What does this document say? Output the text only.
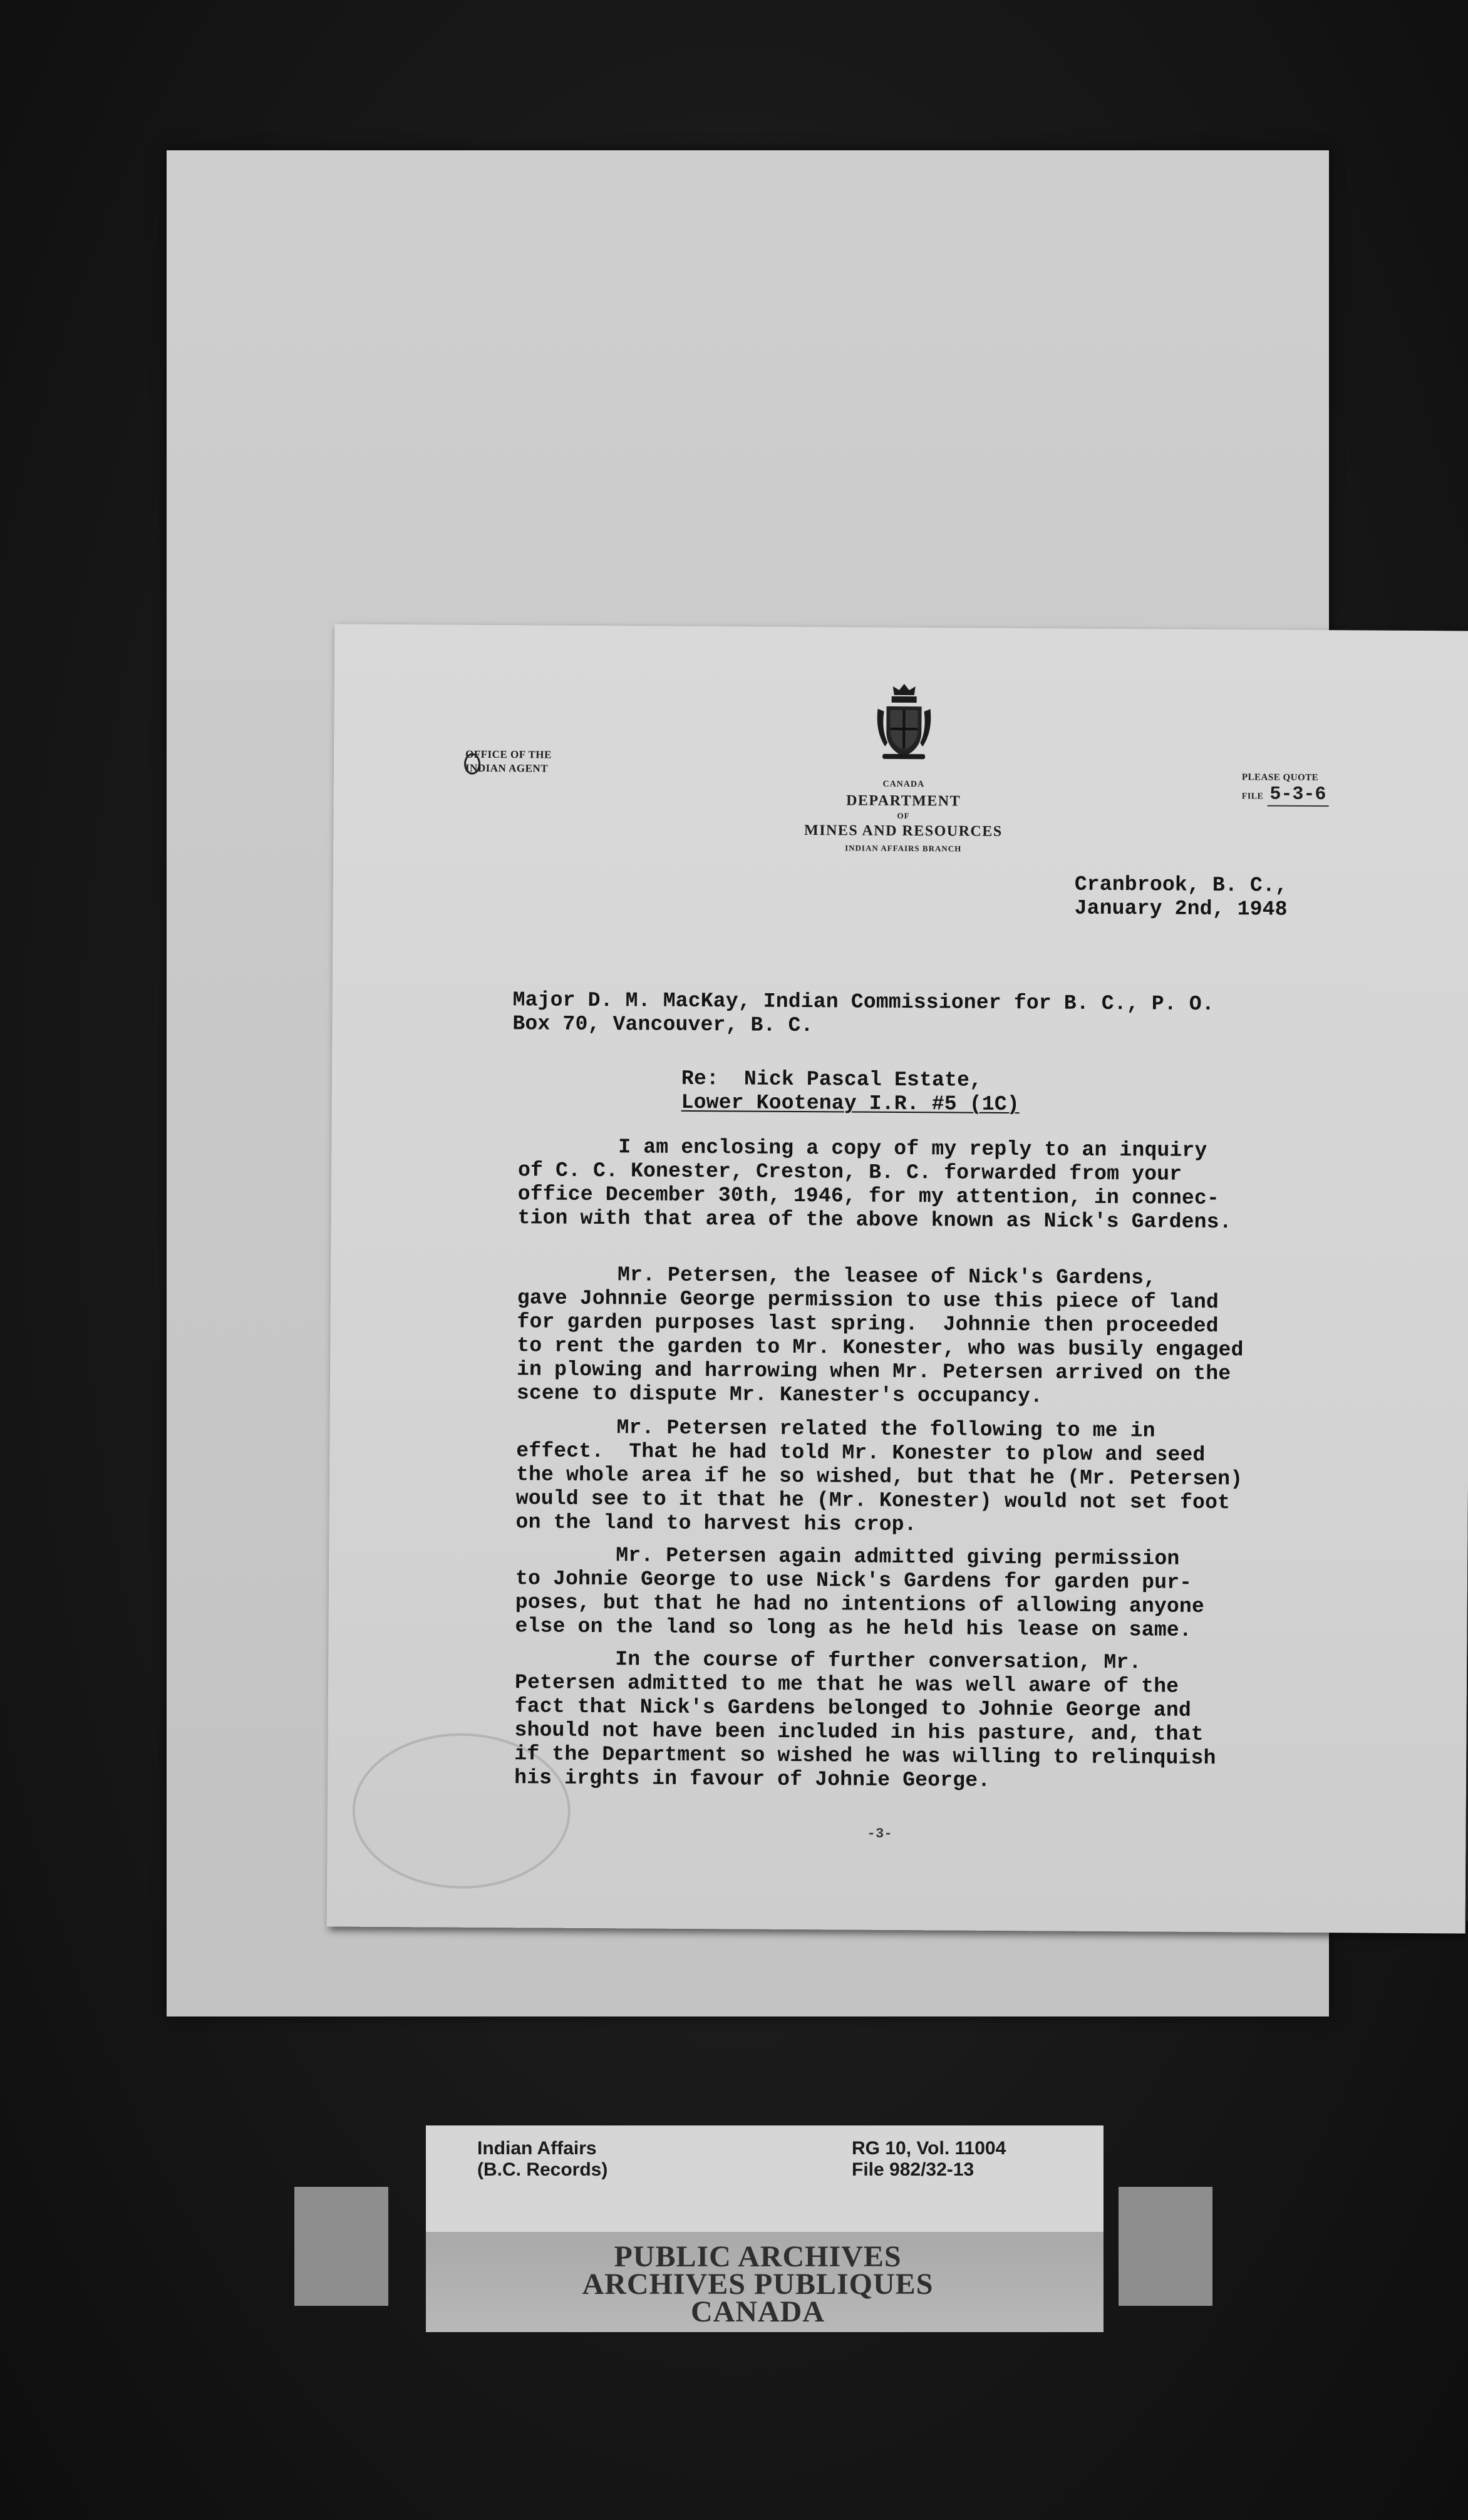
OFFICE OF THE
INDIAN AGENT
CANADA
DEPARTMENT
OF
MINES AND RESOURCES
INDIAN AFFAIRS BRANCH
PLEASE QUOTE
FILE 5-3-6
Cranbrook, B. C.,
January 2nd, 1948
Major D. M. MacKay, Indian Commissioner for B. C., P. O.
Box 70, Vancouver, B. C.
Re:  Nick Pascal Estate,
Lower Kootenay I.R. #5 (1C)
I am enclosing a copy of my reply to an inquiry
of C. C. Konester, Creston, B. C. forwarded from your
office December 30th, 1946, for my attention, in connec-
tion with that area of the above known as Nick's Gardens.
Mr. Petersen, the leasee of Nick's Gardens,
gave Johnnie George permission to use this piece of land
for garden purposes last spring.  Johnnie then proceeded
to rent the garden to Mr. Konester, who was busily engaged
in plowing and harrowing when Mr. Petersen arrived on the
scene to dispute Mr. Kanester's occupancy.
Mr. Petersen related the following to me in
effect.  That he had told Mr. Konester to plow and seed
the whole area if he so wished, but that he (Mr. Petersen)
would see to it that he (Mr. Konester) would not set foot
on the land to harvest his crop.
Mr. Petersen again admitted giving permission
to Johnie George to use Nick's Gardens for garden pur-
poses, but that he had no intentions of allowing anyone
else on the land so long as he held his lease on same.
In the course of further conversation, Mr.
Petersen admitted to me that he was well aware of the
fact that Nick's Gardens belonged to Johnie George and
should not have been included in his pasture, and, that
if the Department so wished he was willing to relinquish
his irghts in favour of Johnie George.
-3-
Indian Affairs
(B.C. Records)
RG 10, Vol. 11004
File 982/32-13
PUBLIC ARCHIVES
ARCHIVES PUBLIQUES
CANADA
